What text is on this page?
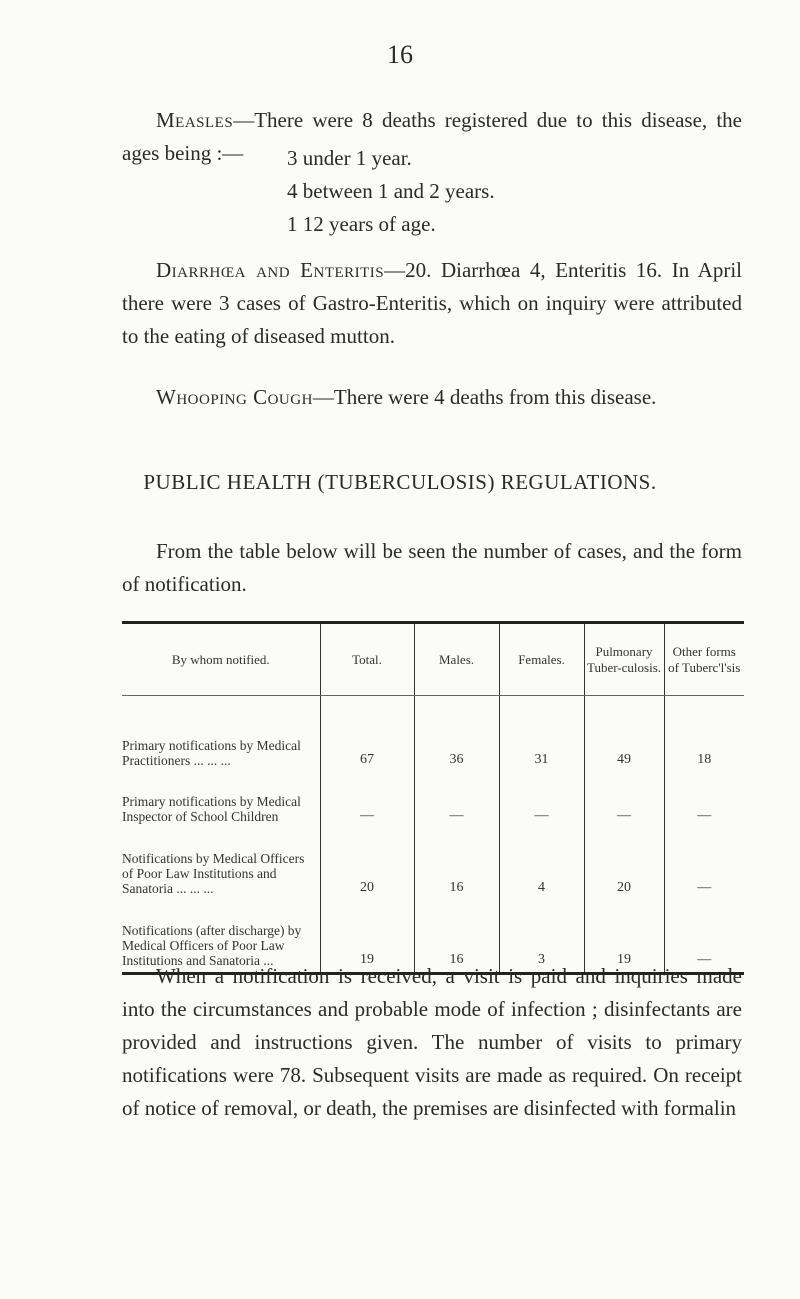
16

Measles—There were 8 deaths registered due to this disease, the ages being :—	3 under 1 year.
4 between 1 and 2 years.
1 12 years of age.

Diarrhœa and Enteritis—20. Diarrhœa 4, Enteritis 16. In April there were 3 cases of Gastro-Enteritis, which on inquiry were attributed to the eating of diseased mutton.

Whooping Cough—There were 4 deaths from this disease.

PUBLIC HEALTH (TUBERCULOSIS) REGULATIONS.

From the table below will be seen the number of cases, and the form of notification.

By whom notified.	Total.	Males.	Females.	Pulmonary Tuber-culosis.	Other forms of Tuberc'l'sis
Primary notifications by Medical Practitioners ... ... ...	67	36	31	49	18
Primary notifications by Medical Inspector of School Children	—	—	—	—	—
Notifications by Medical Officers of Poor Law Institutions and Sanatoria ... ... ...	20	16	4	20	—
Notifications (after discharge) by Medical Officers of Poor Law Institutions and Sanatoria ...	19	16	3	19	—

When a notification is received, a visit is paid and inquiries made into the circumstances and probable mode of infection ; disinfectants are provided and instructions given. The number of visits to primary notifications were 78. Subsequent visits are made as required. On receipt of notice of removal, or death, the premises are disinfected with formalin
